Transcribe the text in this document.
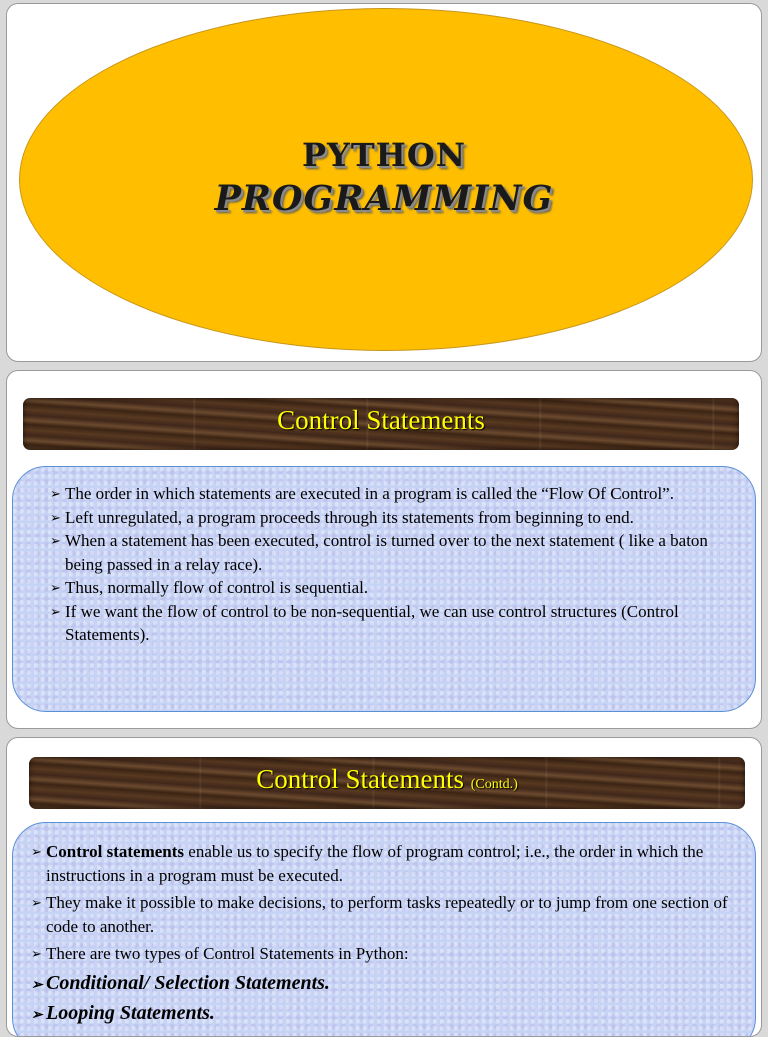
PYTHON
PROGRAMMING
Control Statements
➢ The order in which statements are executed in a program is called the “Flow Of Control”.
➢ Left unregulated, a program proceeds through its statements from beginning to end.
➢ When a statement has been executed, control is turned over to the next statement ( like a baton being passed in a relay race).
➢ Thus, normally flow of control is sequential.
➢ If we want the flow of control to be non-sequential, we can use control structures (Control Statements).
Control Statements (Contd.)
➢ Control statements enable us to specify the flow of program control; i.e., the order in which the instructions in a program must be executed.
➢ They make it possible to make decisions, to perform tasks repeatedly or to jump from one section of code to another.
➢ There are two types of Control Statements in Python:
➢ Conditional/ Selection Statements.
➢ Looping Statements.
